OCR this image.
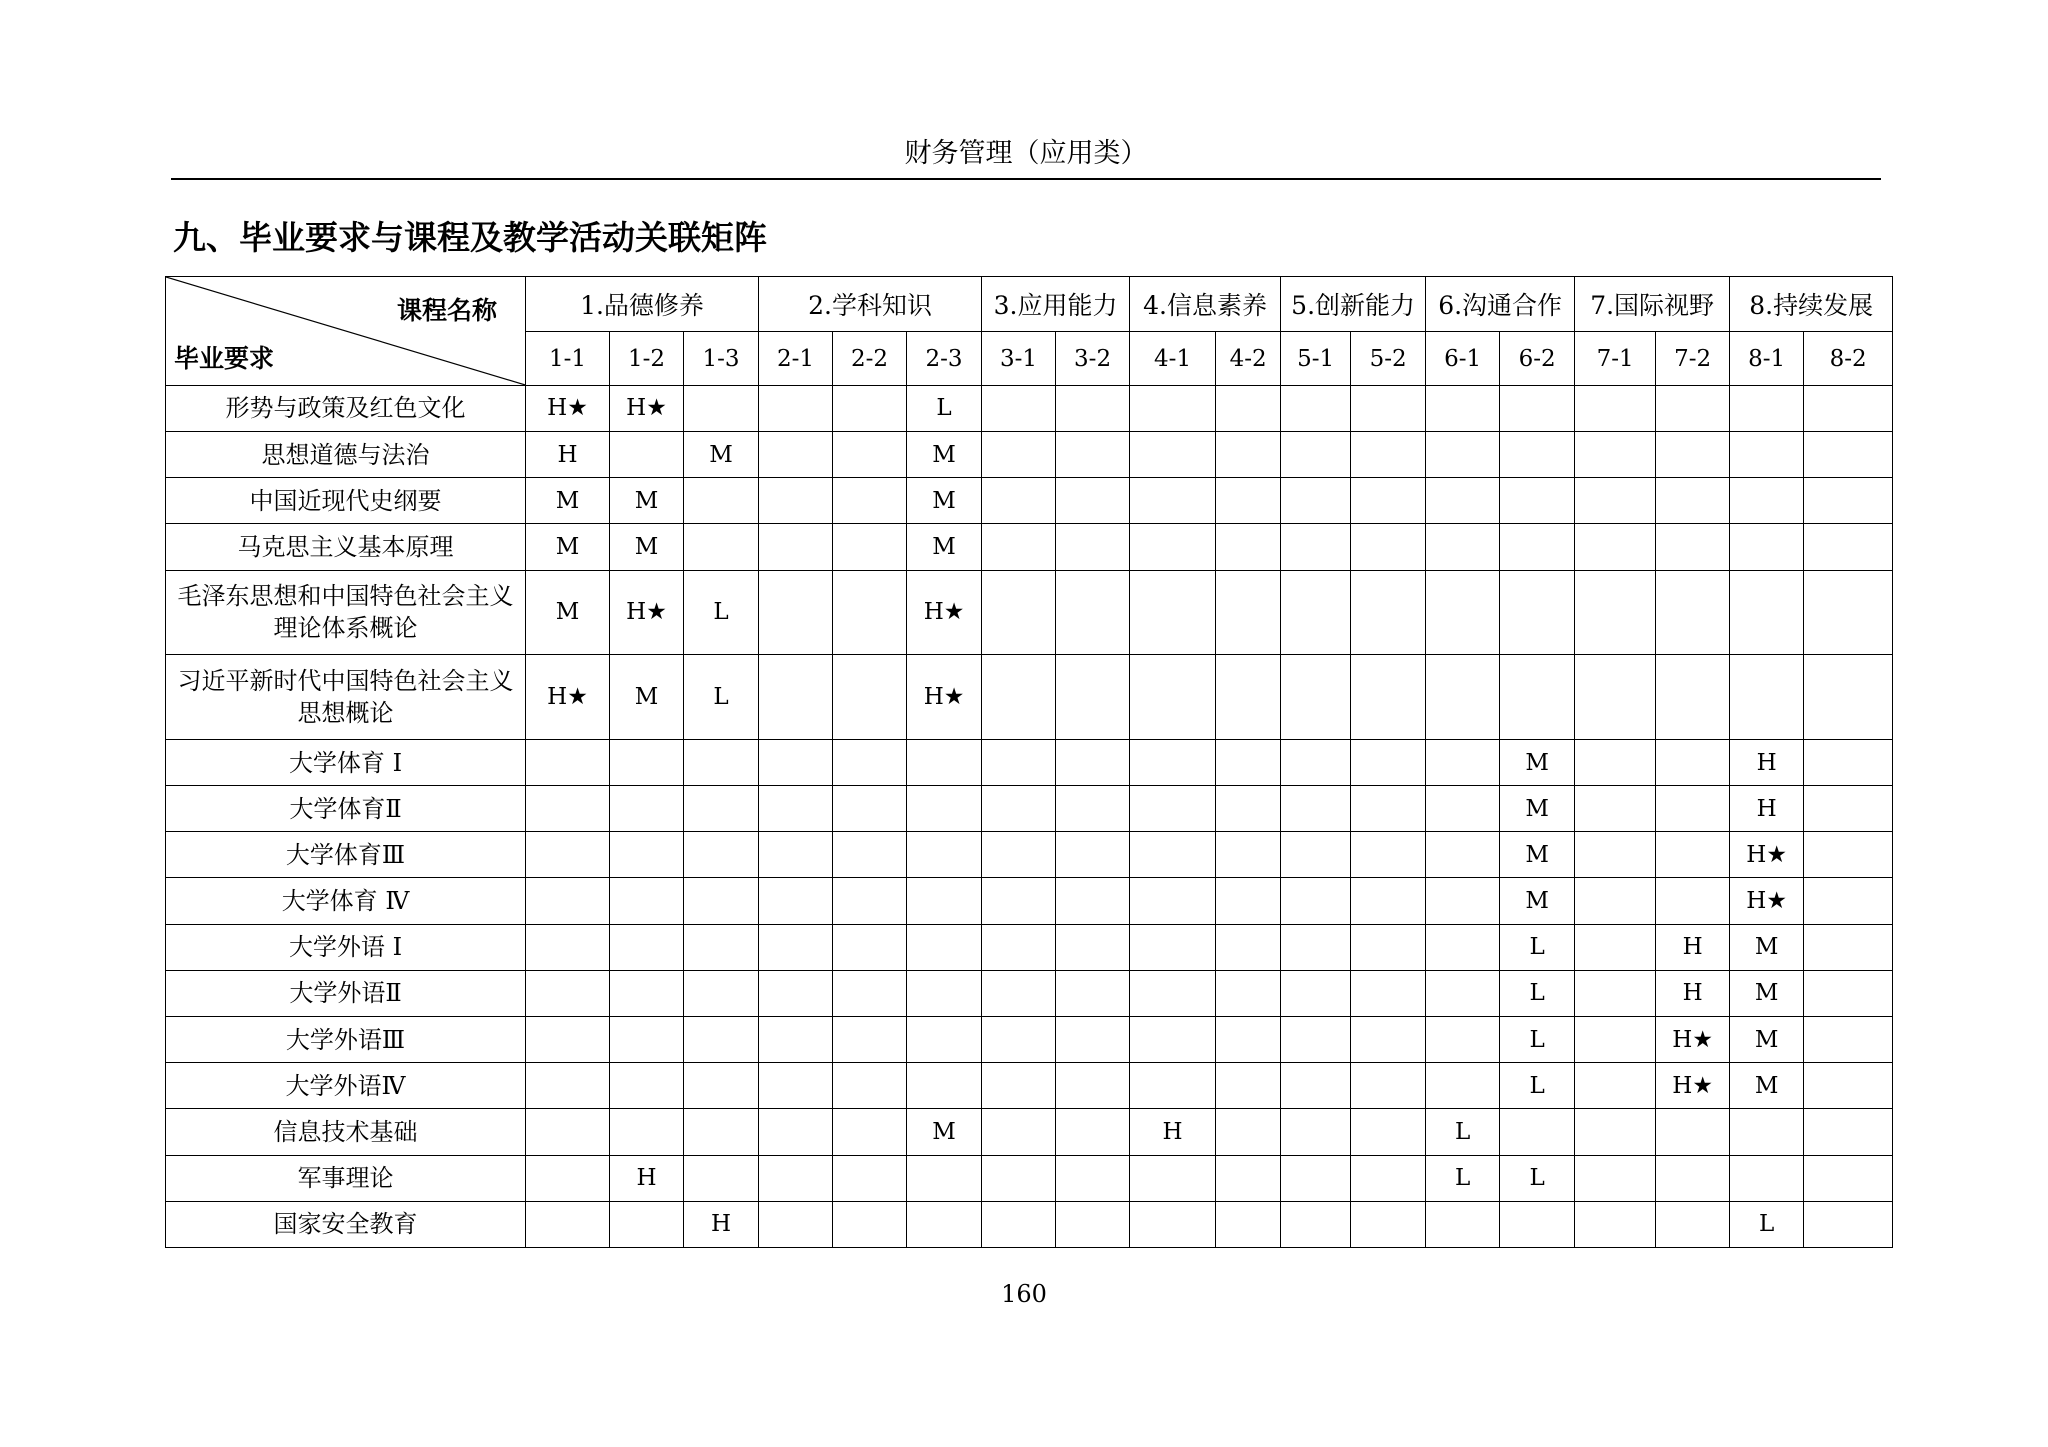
财务管理（应用类）
九、毕业要求与课程及教学活动关联矩阵
课程名称
毕业要求	1.品德修养			2.学科知识			3.应用能力		4.信息素养		5.创新能力		6.沟通合作		7.国际视野		8.持续发展	
	1-1	1-2	1-3	2-1	2-2	2-3	3-1	3-2	4-1	4-2	5-1	5-2	6-1	6-2	7-1	7-2	8-1	8-2
形势与政策及红色文化	H★	H★				L												
思想道德与法治	H		M			M												
中国近现代史纲要	M	M				M												
马克思主义基本原理	M	M				M												
毛泽东思想和中国特色社会主义理论体系概论	M	H★	L			H★												
习近平新时代中国特色社会主义思想概论	H★	M	L			H★												
大学体育 Ⅰ														M			H	
大学体育Ⅱ														M			H	
大学体育Ⅲ														M			H★	
大学体育 Ⅳ														M			H★	
大学外语 Ⅰ														L		H	M	
大学外语Ⅱ														L		H	M	
大学外语Ⅲ														L		H★	M	
大学外语Ⅳ														L		H★	M	
信息技术基础						M			H				L					
军事理论		H											L	L				
国家安全教育			H														L	
160
